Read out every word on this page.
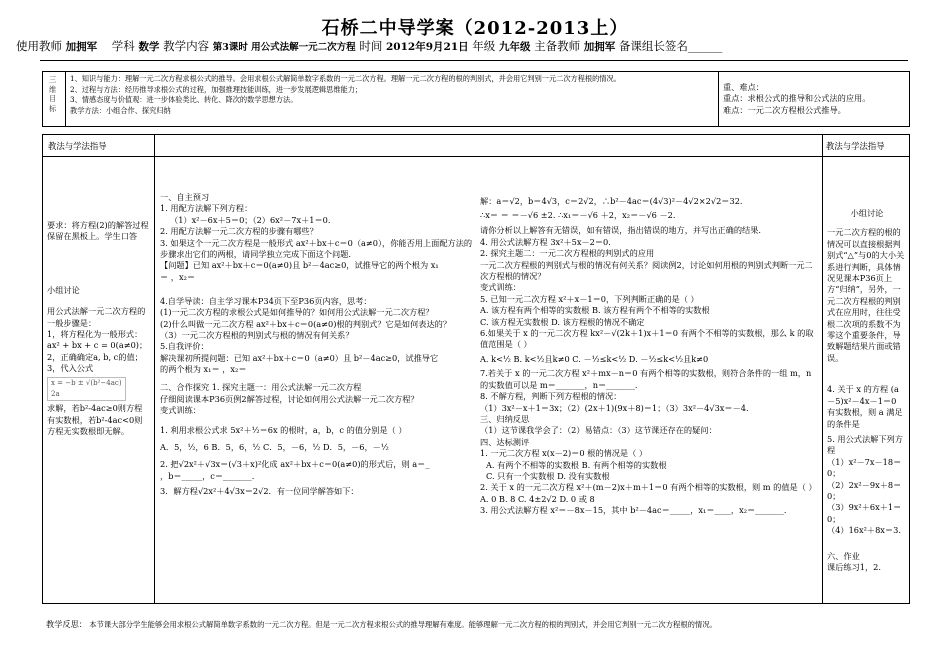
石桥二中导学案（2012-2013上）
使用教师 加拥军 学科 数学 教学内容 第3课时 用公式法解一元二次方程 时间 2012年9月21日 年级 九年级 主备教师 加拥军 备课组长签名______
三维目标
1、知识与能力：理解一元二次方程求根公式的推导。会用求根公式解简单数字系数的一元二次方程。理解一元二次方程的根的判别式，并会用它判别一元二次方程根的情况。
2、过程与方法：经历推导求根公式的过程，加强推理技能训练，进一步发展逻辑思维能力；
3、情感态度与价值观：进一步体验类比、转化、降次的数学思想方法。
教学方法：小组合作、探究归纳
重、难点：
重点：求根公式的推导和公式法的应用。
难点：一元二次方程根公式推导。
教法与学法指导	教法与学法指导
要求：将方程(2)的解答过程保留在黑板上。学生口答
小组讨论
用公式法解一元二次方程的一般步骤是：
1，将方程化为一般形式：ax² + bx + c = 0(a≠0)；
2，正确确定a, b, c的值；
3，代入公式
x = −b ± √(b²−4ac)
2a
求解，若b²-4ac≥0则方程有实数根，若b²-4ac<0则方程无实数根即无解。
一、自主预习
1. 用配方法解下列方程：
（1）x²－6x＋5＝0；（2）6x²－7x＋1＝0.
2. 用配方法解一元二次方程的步骤有哪些？
3. 如果这个一元二次方程是一般形式 ax²＋bx＋c＝0（a≠0），你能否用上面配方法的步骤求出它们的两根，请同学独立完成下面这个问题.
【问题】已知 ax²＋bx＋c＝0(a≠0)且 b²－4ac≥0，试推导它的两个根为 x₁
＝ ，x₂＝
4.自学导读：自主学习课本P34页下至P36页内容，思考：
(1)一元二次方程的求根公式是如何推导的？如何用公式法解一元二次方程？
(2)什么叫做一元二次方程 ax²＋bx＋c＝0(a≠0)根的判别式？它是如何表达的？
（3）一元二次方程根的判别式与根的情况有何关系？
5.自我评价：
解决课初所提问题：已知 ax²＋bx＋c＝0（a≠0）且 b²－4ac≥0，试推导它
的两个根为 x₁＝ ，x₂＝
二、合作探究 1. 探究主题一：用公式法解一元二次方程
仔细阅读课本P36页例2解答过程，讨论如何用公式法解一元二次方程？
变式训练：
1. 利用求根公式求 5x²＋½＝6x 的根时，a，b，c 的值分别是（ ）
A．5，½，6 B．5，6，½ C．5，－6，½ D．5，－6，－½
2. 把√2x²＋√3x＝(√3＋x)²化成 ax²＋bx＋c＝0(a≠0)的形式后，则 a＝_
，b＝_____，c＝_______.
3．解方程√2x²＋4√3x＝2√2．有一位同学解答如下：
解：a＝√2，b＝4√3，c＝2√2，∴b²－4ac＝(4√3)²－4√2×2√2＝32.
∴x＝ ＝ ＝－√6 ±2. ∴x₁＝－√6 ＋2，x₂＝－√6 －2.
请你分析以上解答有无错误，如有错误，指出错误的地方，并写出正确的结果.
4. 用公式法解方程 3x²＋5x－2＝0.
2. 探究主题二：一元二次方程根的判别式的应用
一元二次方程根的判别式与根的情况有何关系？阅读例2，讨论如何用根的判别式判断一元二次方程根的情况？
变式训练：
5. 已知一元二次方程 x²＋x－1＝0，下列判断正确的是（ ）
A. 该方程有两个相等的实数根 B. 该方程有两个不相等的实数根
C. 该方程无实数根 D. 该方程根的情况不确定
6.如果关于 x 的一元二次方程 kx²－√(2k＋1)x＋1＝0 有两个不相等的实数根，那么 k 的取值范围是（ ）
A. k<½ B. k<½且k≠0 C. －½≤k<½ D. －½≤k<½且k≠0
7.若关于 x 的一元二次方程 x²＋mx－n＝0 有两个相等的实数根，则符合条件的一组 m，n 的实数值可以是 m＝_______，n＝_______.
8. 不解方程，判断下列方程根的情况：
（1）3x²－x＋1＝3x；（2）(2x＋1)(9x＋8)＝1；（3）3x²－4√3x＝－4.
三、归纳反思
（1）这节课我学会了：（2）易错点：（3）这节课还存在的疑问：
四、达标测评
1. 一元二次方程 x(x－2)＝0 根的情况是（ ）
A. 有两个不相等的实数根 B. 有两个相等的实数根
C. 只有一个实数根 D. 没有实数根
2. 关于 x 的一元二次方程 x²＋(m－2)x＋m＋1＝0 有两个相等的实数根，则 m 的值是（ ）A. 0 B. 8 C. 4±2√2 D. 0 或 8
3. 用公式法解方程 x²＝－8x－15，其中 b²－4ac＝_____，x₁＝____，x₂＝_______.
小组讨论
一元二次方程的根的情况可以直接根据判别式“△”与0的大小关系进行判断，具体情况见课本P36页上方“归纳”，另外，一元二次方程根的判别式在应用时，往往受根二次项的系数不为零这个重要条件，导致解题结果片面或错误。
4. 关于 x 的方程 (a－5)x²－4x－1＝0 有实数根，则 a 满足的条件是
5. 用公式法解下列方程
（1）x²－7x－18＝0；
（2）2x²－9x＋8＝0；
（3）9x²＋6x＋1＝0；
（4）16x²＋8x＝3.
六、作业
课后练习1，2.
教学反思： 本节课大部分学生能够会用求根公式解简单数字系数的一元二次方程。但是一元二次方程求根公式的推导理解有难度。能够理解一元二次方程的根的判别式，并会用它判别一元二次方程根的情况。
